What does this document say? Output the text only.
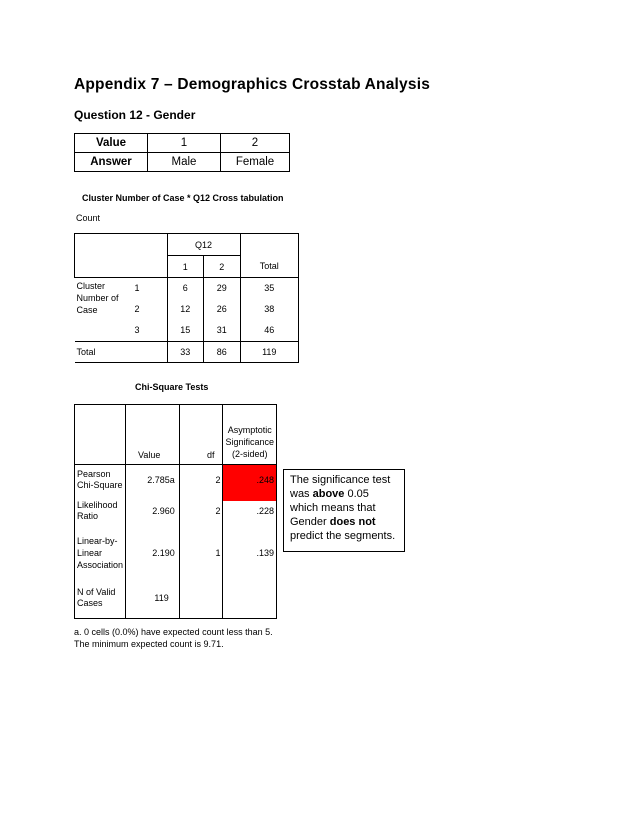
Appendix 7 – Demographics Crosstab Analysis
Question 12 - Gender
Value	1	2
Answer	Male	Female
Cluster Number of Case * Q12 Cross tabulation
Count
		Q12		Total
		1	2	
Cluster Number of Case	1	6	29	35
	2	12	26	38
	3	15	31	46
Total		33	86	119
Chi-Square Tests
	Value	df	Asymptotic Significance (2-sided)
Pearson Chi-Square	2.785a	2	.248
Likelihood Ratio	2.960	2	.228
Linear-by-Linear Association	2.190	1	.139
N of Valid Cases	119		
a. 0 cells (0.0%) have expected count less than 5. The minimum expected count is 9.71.
The significance test was above 0.05 which means that Gender does not predict the segments.
